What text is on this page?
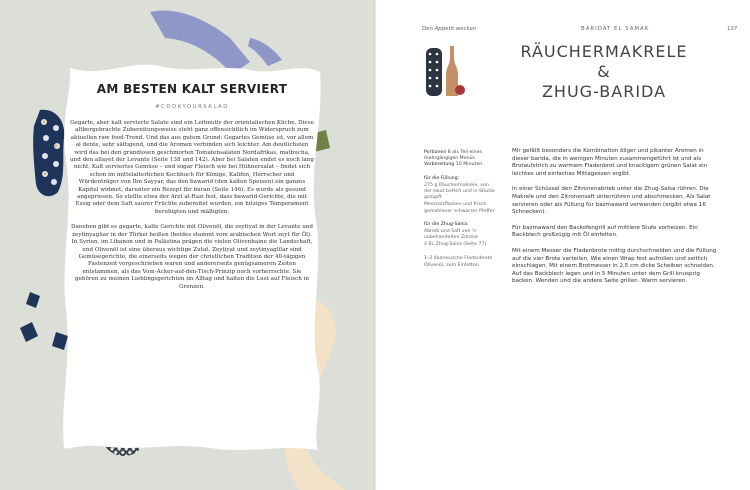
AM BESTEN KALT SERVIERT
#COOKYOURSALAD

Gegarte, aber kalt servierte Salate sind ein Leitmotiv der orientalischen Küche. Diese altbergebrachte Zubereitungsweise steht ganz offensichtlich im Widerspruch zum aktuellen raw food-Trend. Und das aus gutem Grund: Gegartes Gemüse ist, vor allem al dente, sehr sättigend, und die Aromen verbinden sich leichter. Am deutlichsten wird das bei den grandiosen geschmorten Tomatensalaten Nordafrikas, matbucha, und den allayet der Levante (Seite 138 und 142). Aber bei Salaten endet es noch lang nicht. Kalt serviertes Gemüse – und sogar Fleisch wie bei Hühnersalat – findet sich schon im mittelalterlichen Kochbuch für Könige, Kalifen, Herrscher und Würdenträger von Ibn Sayyar, das den bawarid (den kalten Speisen) ein ganzes Kapitel widmet, darunter ein Rezept für buran (Seite 146). Es wurde als gesund angepriesen. So stellte etwa der Arzt al-Razi fest, dass bawarid-Gerichte, die mit Essig oder dem Saft saurer Früchte zubereitet wurden, ein hitziges Temperament beruhigten und mäßigten.

Daneben gibt es gegarte, kalte Gerichte mit Olivenöl, die zeytiyat in der Levante und zeytinyagliar in der Türkei heißen (beides stammt vom arabischen Wort zeyt für Öl). In Syrien, im Libanon und in Palästina prägen die vielen Olivenhaine die Landschaft, und Olivenöl ist eine überaus wichtige Zutat. Zeytiyat und zeytinyaglilar sind Gemüsegerichte, die einerseits wegen der christlichen Tradition der 40-tägigen Fastenzeit vorgeschrieben waren und andererseits genügsameren Zeiten entstammen, als das Vom-Acker-auf-den-Tisch-Prinzip noch vorherrschte. Sie gehören zu meinen Lieblingsgerichten im Alltag und halten die Lust auf Fleisch in Grenzen.

Den Appetit wecken	BARIDAT EL SAMAK	137
RÄUCHERMAKRELE &
ZHUG-BARIDA
Portionen 8 als Teil eines mehrgängigen Menüs
Vorbereitung 10 Minuten
für die Füllung:
275 g Räuchermakrele, von der Haut befreit und in Stücke gezupft
Meersalzflocken und frisch gemahlener schwarzer Pfeffer
für die Zhug-Salsa:
Abrieb und Saft von ½ unbehandelten Zitrone
4 EL Zhug-Salsa (Seite 77)
1–2 libanesische Fladenbrote
Olivenöl, zum Einfetten

Mir gefällt besonders die Kombination öliger und pikanter Aromen in dieser barida, die in wenigen Minuten zusammengeführt ist und als Brotaufstrich zu warmem Fladenbrot und knackigem grünen Salat ein leichtes und einfaches Mittagessen ergibt.

In einer Schüssel den Zitronenabrieb unter die Zhug-Salsa rühren. Die Makrele und den Zitronensaft unterrühren und abschmecken. Als Salat servieren oder als Füllung für bazmaward verwenden (ergibt etwa 16 Schnecken).

Für bazmaward den Backofengrill auf mittlere Stufe vorheizen. Ein Backblech großzügig mit Öl einfetten.

Mit einem Messer die Fladenbrote mittig durchschneiden und die Füllung auf die vier Brote verteilen. Wie einen Wrap fest aufrollen und seitlich einschlagen. Mit einem Brotmesser in 2,5 cm dicke Scheiben schneiden. Auf das Backblech legen und in 5 Minuten unter dem Grill knusprig backen. Wenden und die andere Seite grillen. Warm servieren.
